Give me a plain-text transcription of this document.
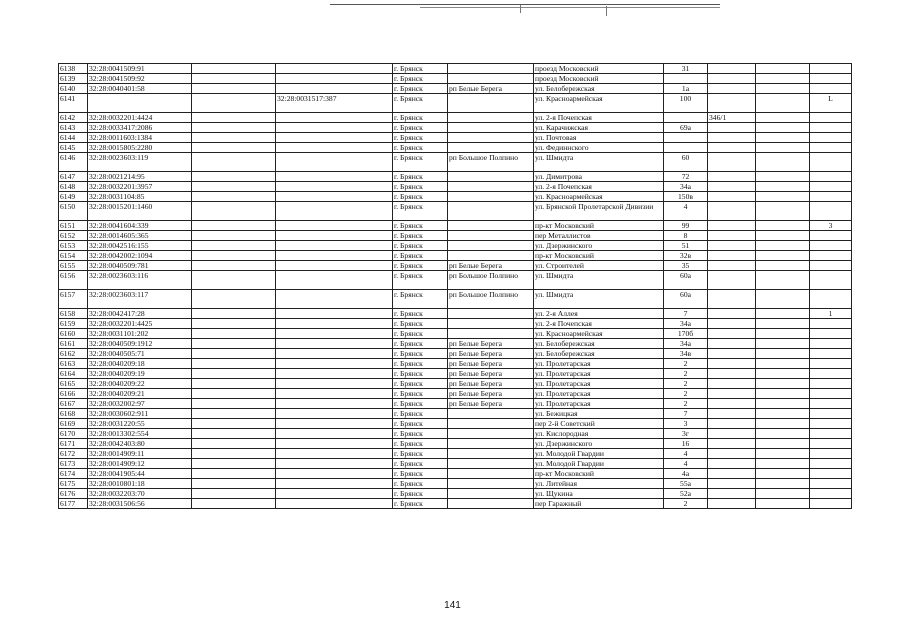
6138	32:28:0041509:91			г. Брянск		проезд Московский	31			
6139	32:28:0041509:92			г. Брянск		проезд Московский				
6140	32:28:0040401:58			г. Брянск	рп Белые Берега	ул. Белобережская	1а			
6141			32:28:0031517:387	г. Брянск		ул. Красноармейская	100			L
6142	32:28:0032201:4424			г. Брянск		ул. 2-я Почепская		346/1		
6143	32:28:0033417:2086			г. Брянск		ул. Карачижская	69а			
6144	32:28:0011603:1384			г. Брянск		ул. Почтовая				
6145	32:28:0015805:2280			г. Брянск		ул. Фединнского				
6146	32:28:0023603:119			г. Брянск	рп Большое Полпино	ул. Шмидта	60			
6147	32:28:0021214:95			г. Брянск		ул. Димитрова	72			
6148	32:28:0032201:3957			г. Брянск		ул. 2-я Почепская	34а			
6149	32:28:0031104:85			г. Брянск		ул. Красноармейская	150в			
6150	32:28:0015201:1460			г. Брянск		ул. Брянской Пролетарской Дивизии	4			
6151	32:28:0041604:339			г. Брянск		пр-кт Московский	99			3
6152	32:28:0014605:365			г. Брянск		пер Металлистов	8			
6153	32:28:0042516:155			г. Брянск		ул. Дзержинского	51			
6154	32:28:0042002:1094			г. Брянск		пр-кт Московский	32в			
6155	32:28:0040509:781			г. Брянск	рп Белые Берега	ул. Строителей	35			
6156	32:28:0023603:116			г. Брянск	рп Большое Полпино	ул. Шмидта	60а			
6157	32:28:0023603:117			г. Брянск	рп Большое Полпино	ул. Шмидта	60а			
6158	32:28:0042417:28			г. Брянск		ул. 2-я Аллея	7			1
6159	32:28:0032201:4425			г. Брянск		ул. 2-я Почепская	34а			
6160	32:28:0031101:202			г. Брянск		ул. Красноармейская	170б			
6161	32:28:0040509:1912			г. Брянск	рп Белые Берега	ул. Белобережская	34а			
6162	32:28:0040505:71			г. Брянск	рп Белые Берега	ул. Белобережская	34в			
6163	32:28:0040209:18			г. Брянск	рп Белые Берега	ул. Пролетарская	2			
6164	32:28:0040209:19			г. Брянск	рп Белые Берега	ул. Пролетарская	2			
6165	32:28:0040209:22			г. Брянск	рп Белые Берега	ул. Пролетарская	2			
6166	32:28:0040209:21			г. Брянск	рп Белые Берега	ул. Пролетарская	2			
6167	32:28:0032002:97			г. Брянск	рп Белые Берега	ул. Пролетарская	2			
6168	32:28:0030602:911			г. Брянск		ул. Бежицкая	7			
6169	32:28:0031220:55			г. Брянск		пер 2-й Советский	3			
6170	32:28:0013302:554			г. Брянск		ул. Кислородная	3г			
6171	32:28:0042403:80			г. Брянск		ул. Дзержинского	16			
6172	32:28:0014909:11			г. Брянск		ул. Молодой Гвардии	4			
6173	32:28:0014909:12			г. Брянск		ул. Молодой Гвардии	4			
6174	32:28:0041905:44			г. Брянск		пр-кт Московский	4а			
6175	32:28:0010801:18			г. Брянск		ул. Литейная	55а			
6176	32:28:0032203:70			г. Брянск		ул. Щукина	52а			
6177	32:28:0031506:56			г. Брянск		пер Гаражный	2			
141
